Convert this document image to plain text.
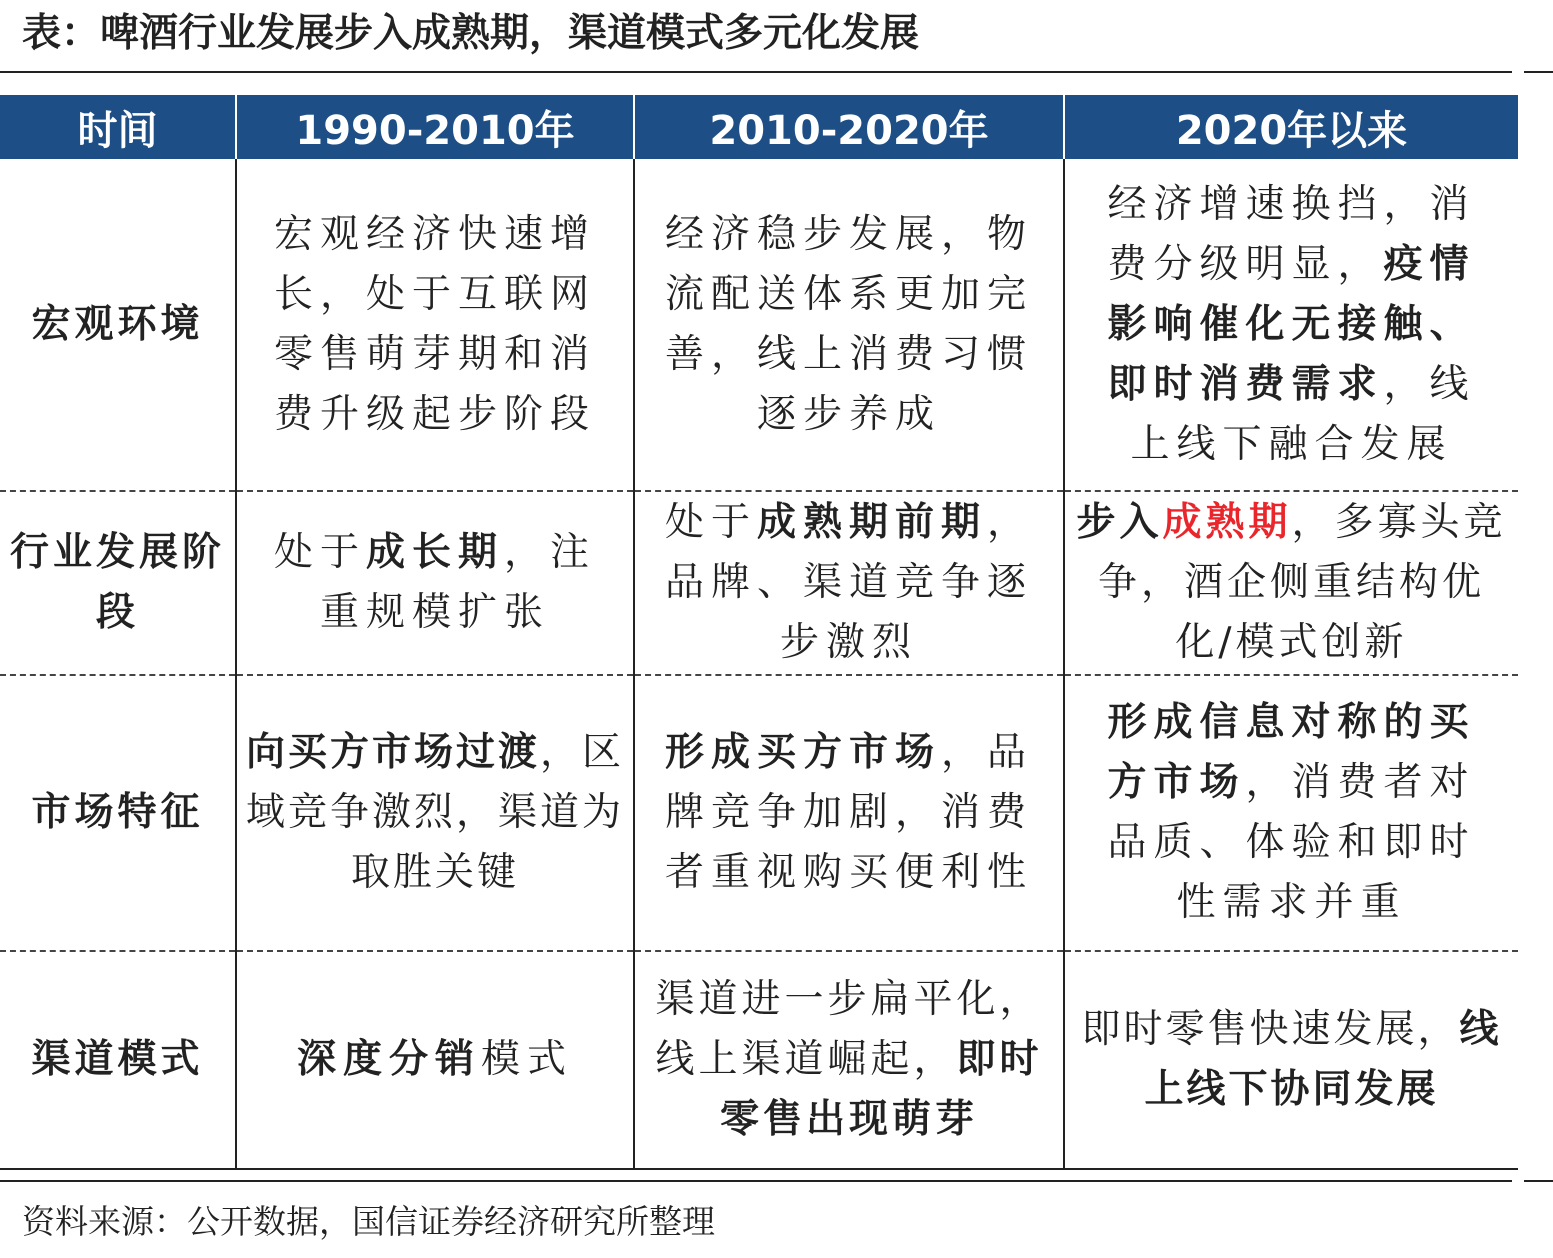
表：啤酒行业发展步入成熟期，渠道模式多元化发展
时间	1990-2010年	2010-2020年	2020年以来
宏观环境	宏观经济快速增长，处于互联网零售萌芽期和消费升级起步阶段	经济稳步发展，物流配送体系更加完善，线上消费习惯逐步养成	经济增速换挡，消费分级明显，疫情影响催化无接触、即时消费需求，线上线下融合发展
行业发展阶段	处于成长期，注重规模扩张	处于成熟期前期，品牌、渠道竞争逐步激烈	步入成熟期，多寡头竞争，酒企侧重结构优化/模式创新
市场特征	向买方市场过渡，区域竞争激烈，渠道为取胜关键	形成买方市场，品牌竞争加剧，消费者重视购买便利性	形成信息对称的买方市场，消费者对品质、体验和即时性需求并重
渠道模式	深度分销模式	渠道进一步扁平化，线上渠道崛起，即时零售出现萌芽	即时零售快速发展，线上线下协同发展
资料来源：公开数据，国信证券经济研究所整理
